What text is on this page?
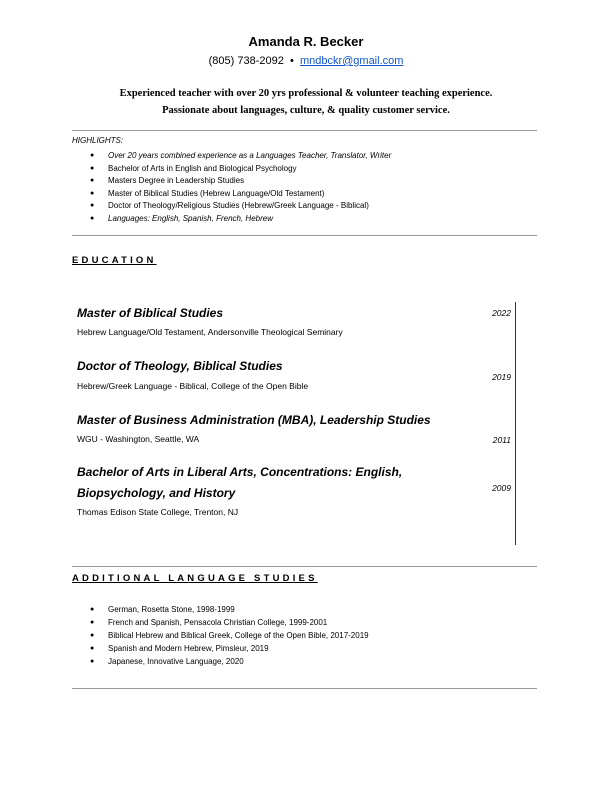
Amanda R. Becker
(805) 738-2092 • mndbckr@gmail.com
Experienced teacher with over 20 yrs professional & volunteer teaching experience.
Passionate about languages, culture, & quality customer service.
HIGHLIGHTS:
● Over 20 years combined experience as a Languages Teacher, Translator, Writer
● Bachelor of Arts in English and Biological Psychology
● Masters Degree in Leadership Studies
● Master of Biblical Studies (Hebrew Language/Old Testament)
● Doctor of Theology/Religious Studies (Hebrew/Greek Language - Biblical)
● Languages: English, Spanish, French, Hebrew
EDUCATION
Master of Biblical Studies
Hebrew Language/Old Testament, Andersonville Theological Seminary
2022
Doctor of Theology, Biblical Studies
Hebrew/Greek Language - Biblical, College of the Open Bible
2019
Master of Business Administration (MBA), Leadership Studies
WGU - Washington, Seattle, WA	2011
Bachelor of Arts in Liberal Arts, Concentrations: English,
Biopsychology, and History
Thomas Edison State College, Trenton, NJ
2009
ADDITIONAL LANGUAGE STUDIES
● German, Rosetta Stone, 1998-1999
● French and Spanish, Pensacola Christian College, 1999-2001
● Biblical Hebrew and Biblical Greek, College of the Open Bible, 2017-2019
● Spanish and Modern Hebrew, Pimsleur, 2019
● Japanese, Innovative Language, 2020
